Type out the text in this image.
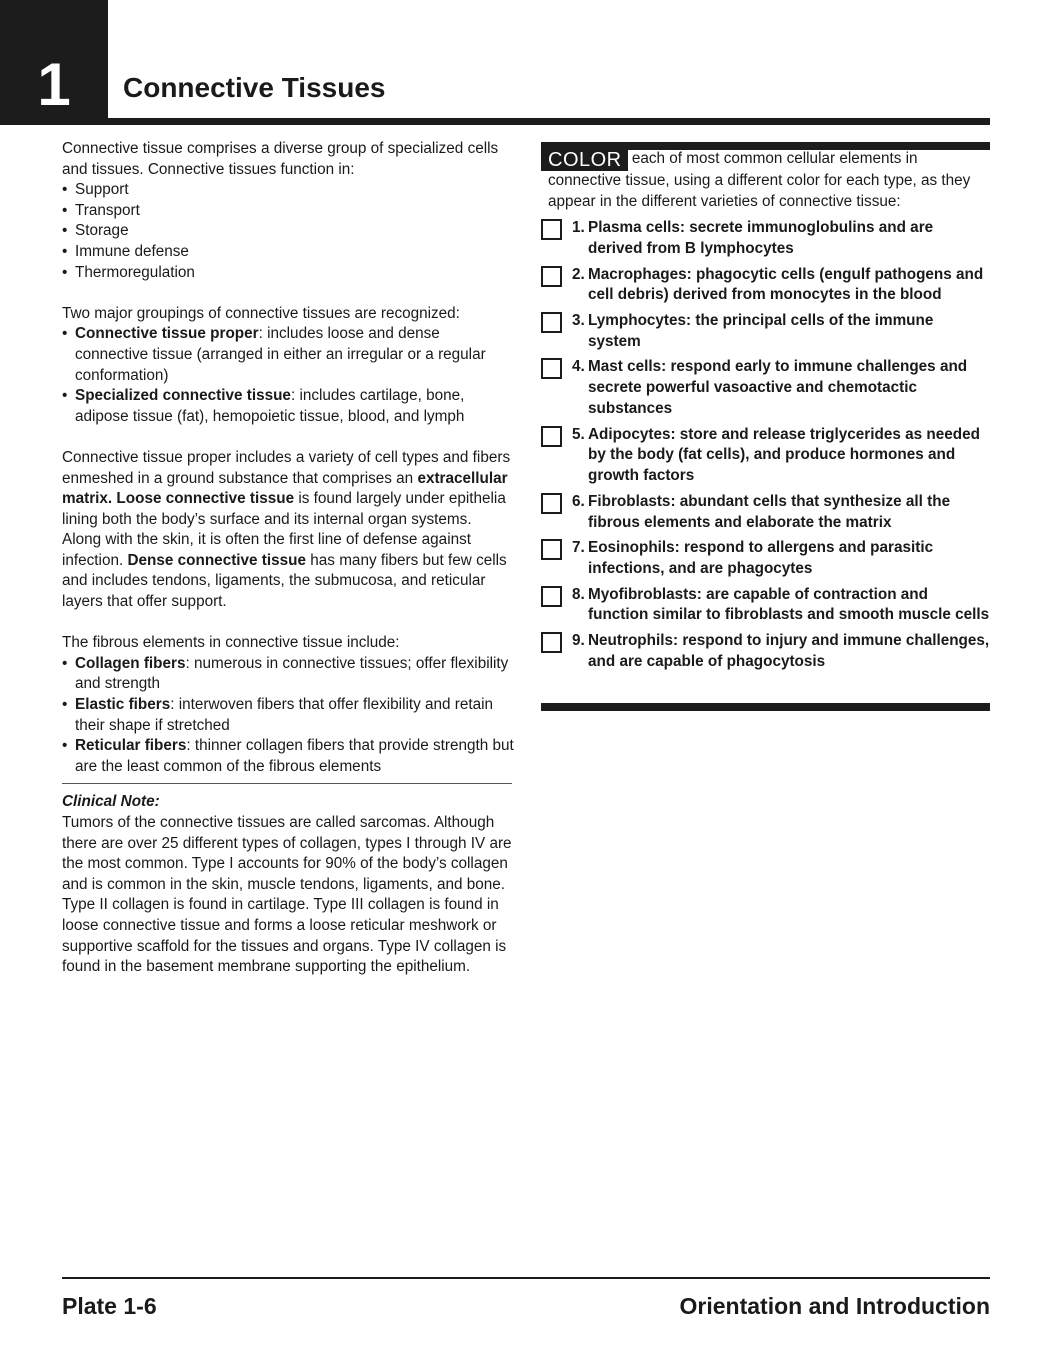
1	Connective Tissues

Connective tissue comprises a diverse group of specialized cells and tissues. Connective tissues function in:

• Support
• Transport
• Storage
• Immune defense
• Thermoregulation

Two major groupings of connective tissues are recognized:

• Connective tissue proper: includes loose and dense connective tissue (arranged in either an irregular or a regular conformation)
• Specialized connective tissue: includes cartilage, bone, adipose tissue (fat), hemopoietic tissue, blood, and lymph

Connective tissue proper includes a variety of cell types and fibers enmeshed in a ground substance that comprises an extracellular matrix. Loose connective tissue is found largely under epithelia lining both the body’s surface and its internal organ systems. Along with the skin, it is often the first line of defense against infection. Dense connective tissue has many fibers but few cells and includes tendons, ligaments, the submucosa, and reticular layers that offer support.

The fibrous elements in connective tissue include:

• Collagen fibers: numerous in connective tissues; offer flexibility and strength
• Elastic fibers: interwoven fibers that offer flexibility and retain their shape if stretched
• Reticular fibers: thinner collagen fibers that provide strength but are the least common of the fibrous elements

Clinical Note:

Tumors of the connective tissues are called sarcomas. Although there are over 25 different types of collagen, types I through IV are the most common. Type I accounts for 90% of the body’s collagen and is common in the skin, muscle tendons, ligaments, and bone. Type II collagen is found in cartilage. Type III collagen is found in loose connective tissue and forms a loose reticular meshwork or supportive scaffold for the tissues and organs. Type IV collagen is found in the basement membrane supporting the epithelium.

COLOR each of most common cellular elements in connective tissue, using a different color for each type, as they appear in the different varieties of connective tissue:
1. Plasma cells: secrete immunoglobulins and are derived from B lymphocytes
2. Macrophages: phagocytic cells (engulf pathogens and cell debris) derived from monocytes in the blood
3. Lymphocytes: the principal cells of the immune system
4. Mast cells: respond early to immune challenges and secrete powerful vasoactive and chemotactic substances
5. Adipocytes: store and release triglycerides as needed by the body (fat cells), and produce hormones and growth factors
6. Fibroblasts: abundant cells that synthesize all the fibrous elements and elaborate the matrix
7. Eosinophils: respond to allergens and parasitic infections, and are phagocytes
8. Myofibroblasts: are capable of contraction and function similar to fibroblasts and smooth muscle cells
9. Neutrophils: respond to injury and immune challenges, and are capable of phagocytosis
Plate 1-6	Orientation and Introduction
